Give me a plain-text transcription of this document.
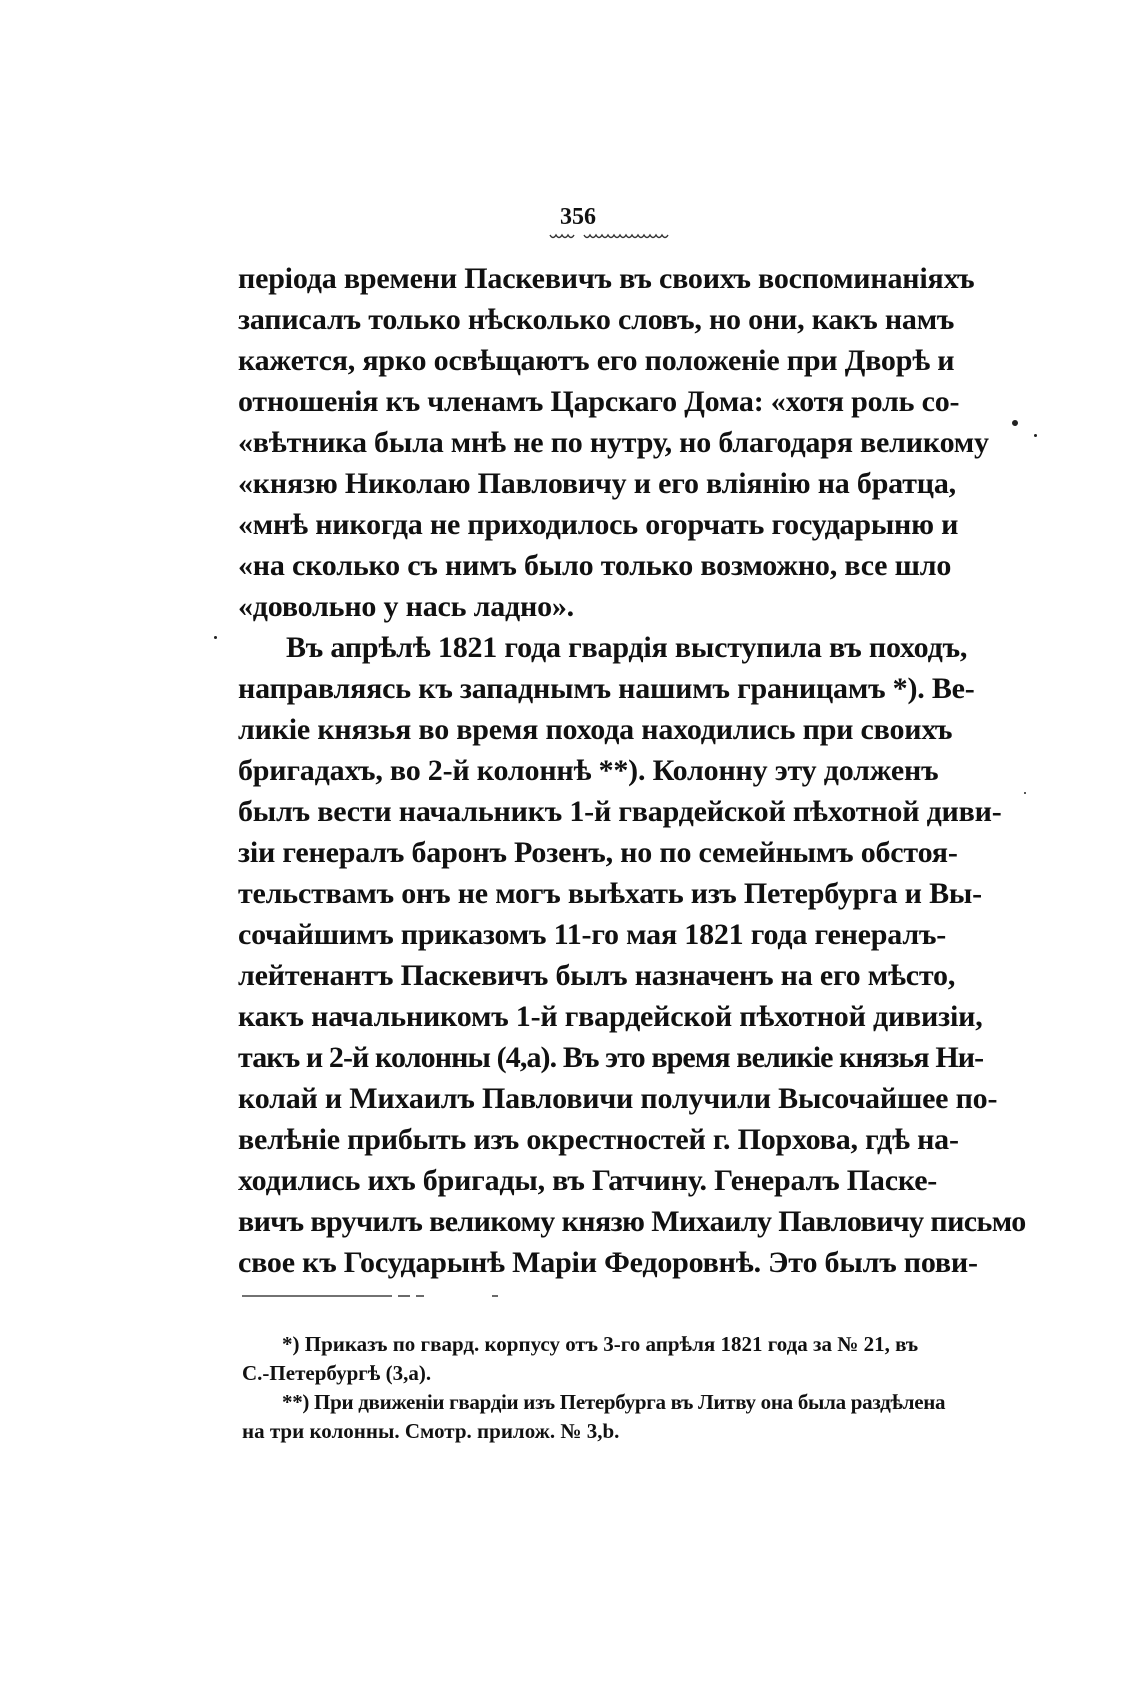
356
періода времени Паскевичъ въ своихъ воспоминаніяхъ
записалъ только нѣсколько словъ, но они, какъ намъ
кажется, ярко освѣщаютъ его положеніе при Дворѣ и
отношенія къ членамъ Царскаго Дома: «хотя роль со-
«вѣтника была мнѣ не по нутру, но благодаря великому
«князю Николаю Павловичу и его вліянію на братца,
«мнѣ никогда не приходилось огорчать государыню и
«на сколько съ нимъ было только возможно, все шло
«довольно у нась ладно».
Въ апрѣлѣ 1821 года гвардія выступила въ походъ,
направляясь къ западнымъ нашимъ границамъ *). Ве-
ликіе князья во время похода находились при своихъ
бригадахъ, во 2-й колоннѣ **). Колонну эту долженъ
былъ вести начальникъ 1-й гвардейской пѣхотной диви-
зіи генералъ баронъ Розенъ, но по семейнымъ обстоя-
тельствамъ онъ не могъ выѣхать изъ Петербурга и Вы-
сочайшимъ приказомъ 11-го мая 1821 года генералъ-
лейтенантъ Паскевичъ былъ назначенъ на его мѣсто,
какъ начальникомъ 1-й гвардейской пѣхотной дивизіи,
такъ и 2-й колонны (4,а). Въ это время великіе князья Ни-
колай и Михаилъ Павловичи получили Высочайшее по-
велѣніе прибыть изъ окрестностей г. Порхова, гдѣ на-
ходились ихъ бригады, въ Гатчину. Генералъ Паске-
вичъ вручилъ великому князю Михаилу Павловичу письмо
свое къ Государынѣ Маріи Федоровнѣ. Это былъ пови-
*) Приказъ по гвард. корпусу отъ 3-го апрѣля 1821 года за № 21, въ
С.-Петербургѣ (3,а).
**) При движеніи гвардіи изъ Петербурга въ Литву она была раздѣлена
на три колонны. Смотр. прилож. № 3,b.
